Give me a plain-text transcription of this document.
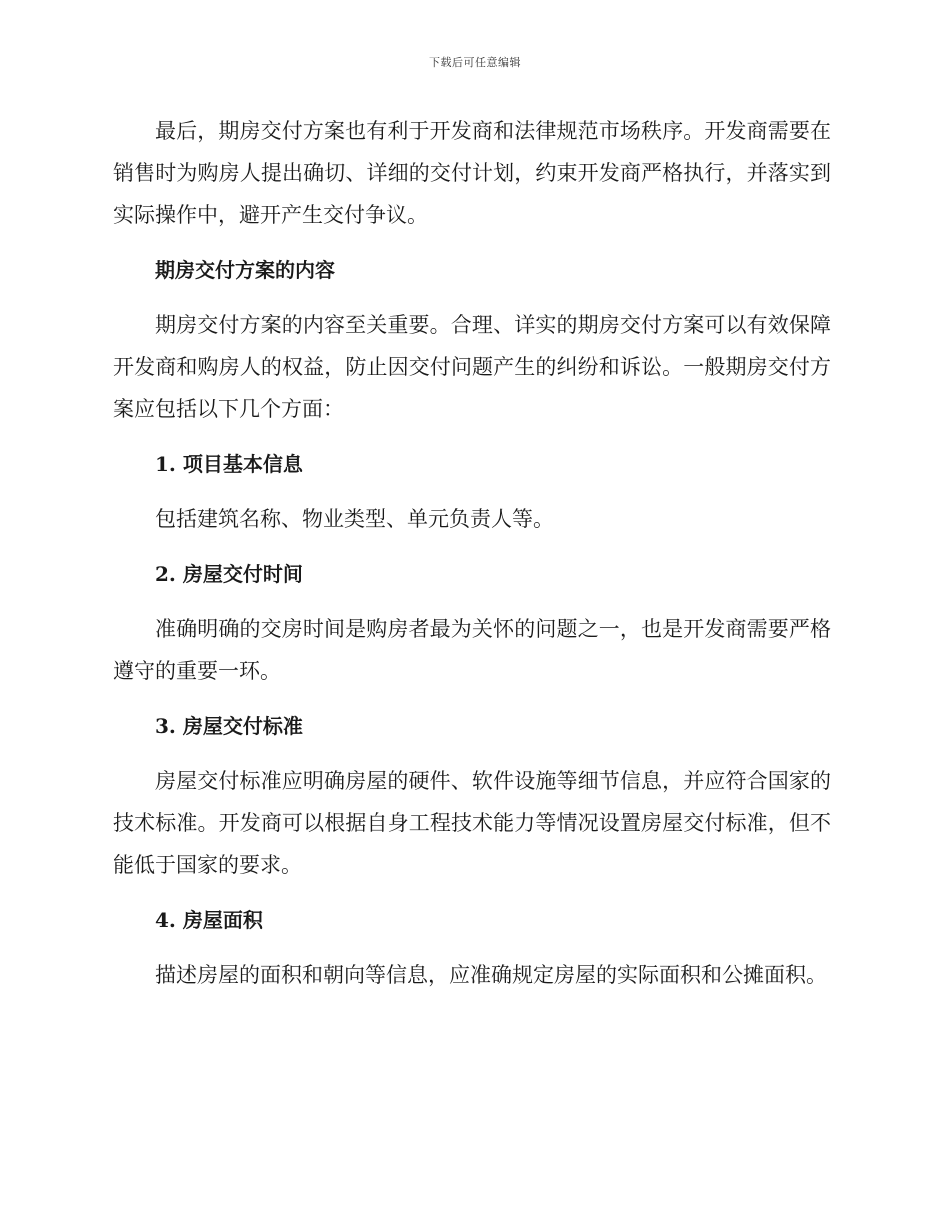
下载后可任意编辑

最后，期房交付方案也有利于开发商和法律规范市场秩序。开发商需要在销售时为购房人提出确切、详细的交付计划，约束开发商严格执行，并落实到实际操作中，避开产生交付争议。

期房交付方案的内容

期房交付方案的内容至关重要。合理、详实的期房交付方案可以有效保障开发商和购房人的权益，防止因交付问题产生的纠纷和诉讼。一般期房交付方案应包括以下几个方面：

1. 项目基本信息

包括建筑名称、物业类型、单元负责人等。

2. 房屋交付时间

准确明确的交房时间是购房者最为关怀的问题之一，也是开发商需要严格遵守的重要一环。

3. 房屋交付标准

房屋交付标准应明确房屋的硬件、软件设施等细节信息，并应符合国家的技术标准。开发商可以根据自身工程技术能力等情况设置房屋交付标准，但不能低于国家的要求。

4. 房屋面积

描述房屋的面积和朝向等信息，应准确规定房屋的实际面积和公摊面积。
